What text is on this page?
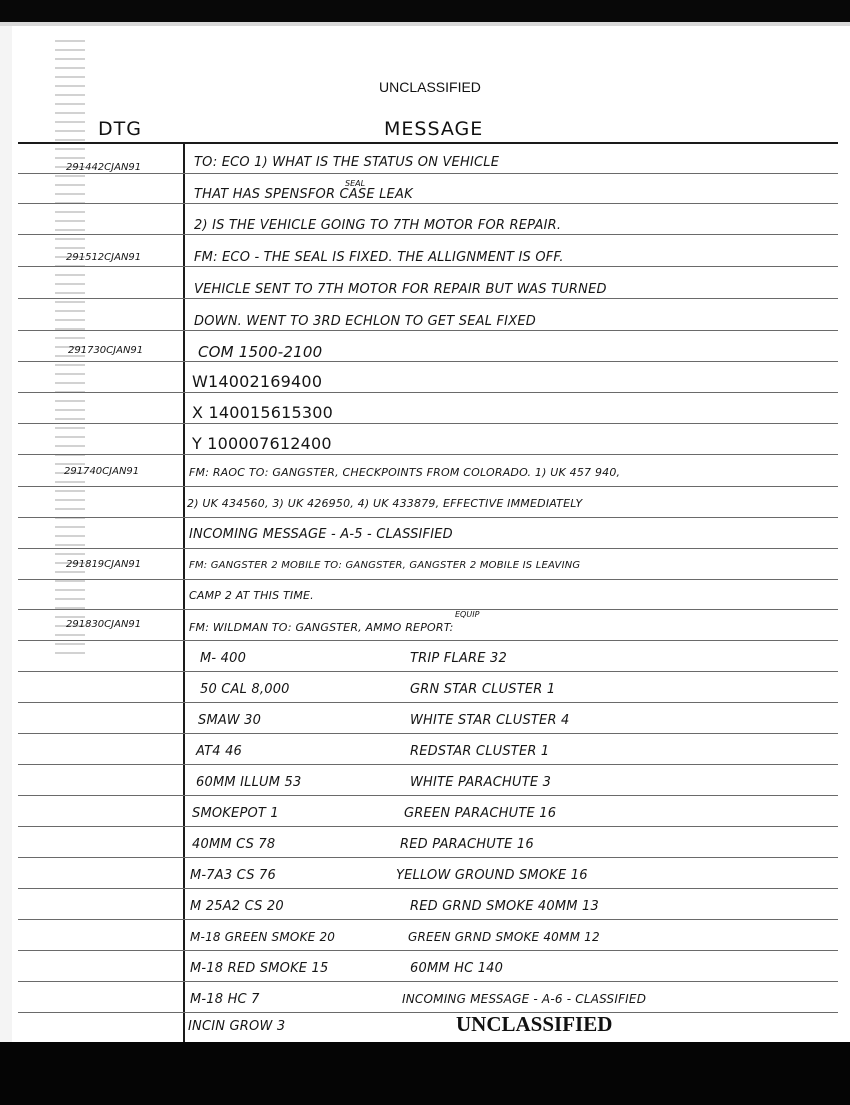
UNCLASSIFIED
DTG	MESSAGE
291442CJAN91	TO: ECO 1) WHAT IS THE STATUS ON VEHICLE
SEAL
THAT HAS SPENSFOR CASE LEAK
2) IS THE VEHICLE GOING TO 7TH MOTOR FOR REPAIR.
291512CJAN91	FM: ECO - THE SEAL IS FIXED. THE ALLIGNMENT IS OFF.
VEHICLE SENT TO 7TH MOTOR FOR REPAIR BUT WAS TURNED
DOWN. WENT TO 3RD ECHLON TO GET SEAL FIXED
291730CJAN91	COM 1500-2100
W14002169400
X 140015615300
Y 100007612400
291740CJAN91	FM: RAOC TO: GANGSTER, CHECKPOINTS FROM COLORADO. 1) UK 457 940,
2) UK 434560, 3) UK 426950, 4) UK 433879, EFFECTIVE IMMEDIATELY
INCOMING MESSAGE - A-5 - CLASSIFIED
291819CJAN91	FM: GANGSTER 2 MOBILE TO: GANGSTER, GANGSTER 2 MOBILE IS LEAVING
CAMP 2 AT THIS TIME.
291830CJAN91	FM: WILDMAN TO: GANGSTER, AMMO REPORT:
EQUIP
M- 400	TRIP FLARE 32
50 CAL 8,000	GRN STAR CLUSTER 1
SMAW 30	WHITE STAR CLUSTER 4
AT4 46	REDSTAR CLUSTER 1
60MM ILLUM 53	WHITE PARACHUTE 3
SMOKEPOT 1	GREEN PARACHUTE 16
40MM CS 78	RED PARACHUTE 16
M-7A3 CS 76	YELLOW GROUND SMOKE 16
M 25A2 CS 20	RED GRND SMOKE 40MM 13
M-18 GREEN SMOKE 20	GREEN GRND SMOKE 40MM 12
M-18 RED SMOKE 15	60MM HC 140
M-18 HC 7	INCOMING MESSAGE - A-6 - CLASSIFIED
INCIN GROW 3	UNCLASSIFIED
